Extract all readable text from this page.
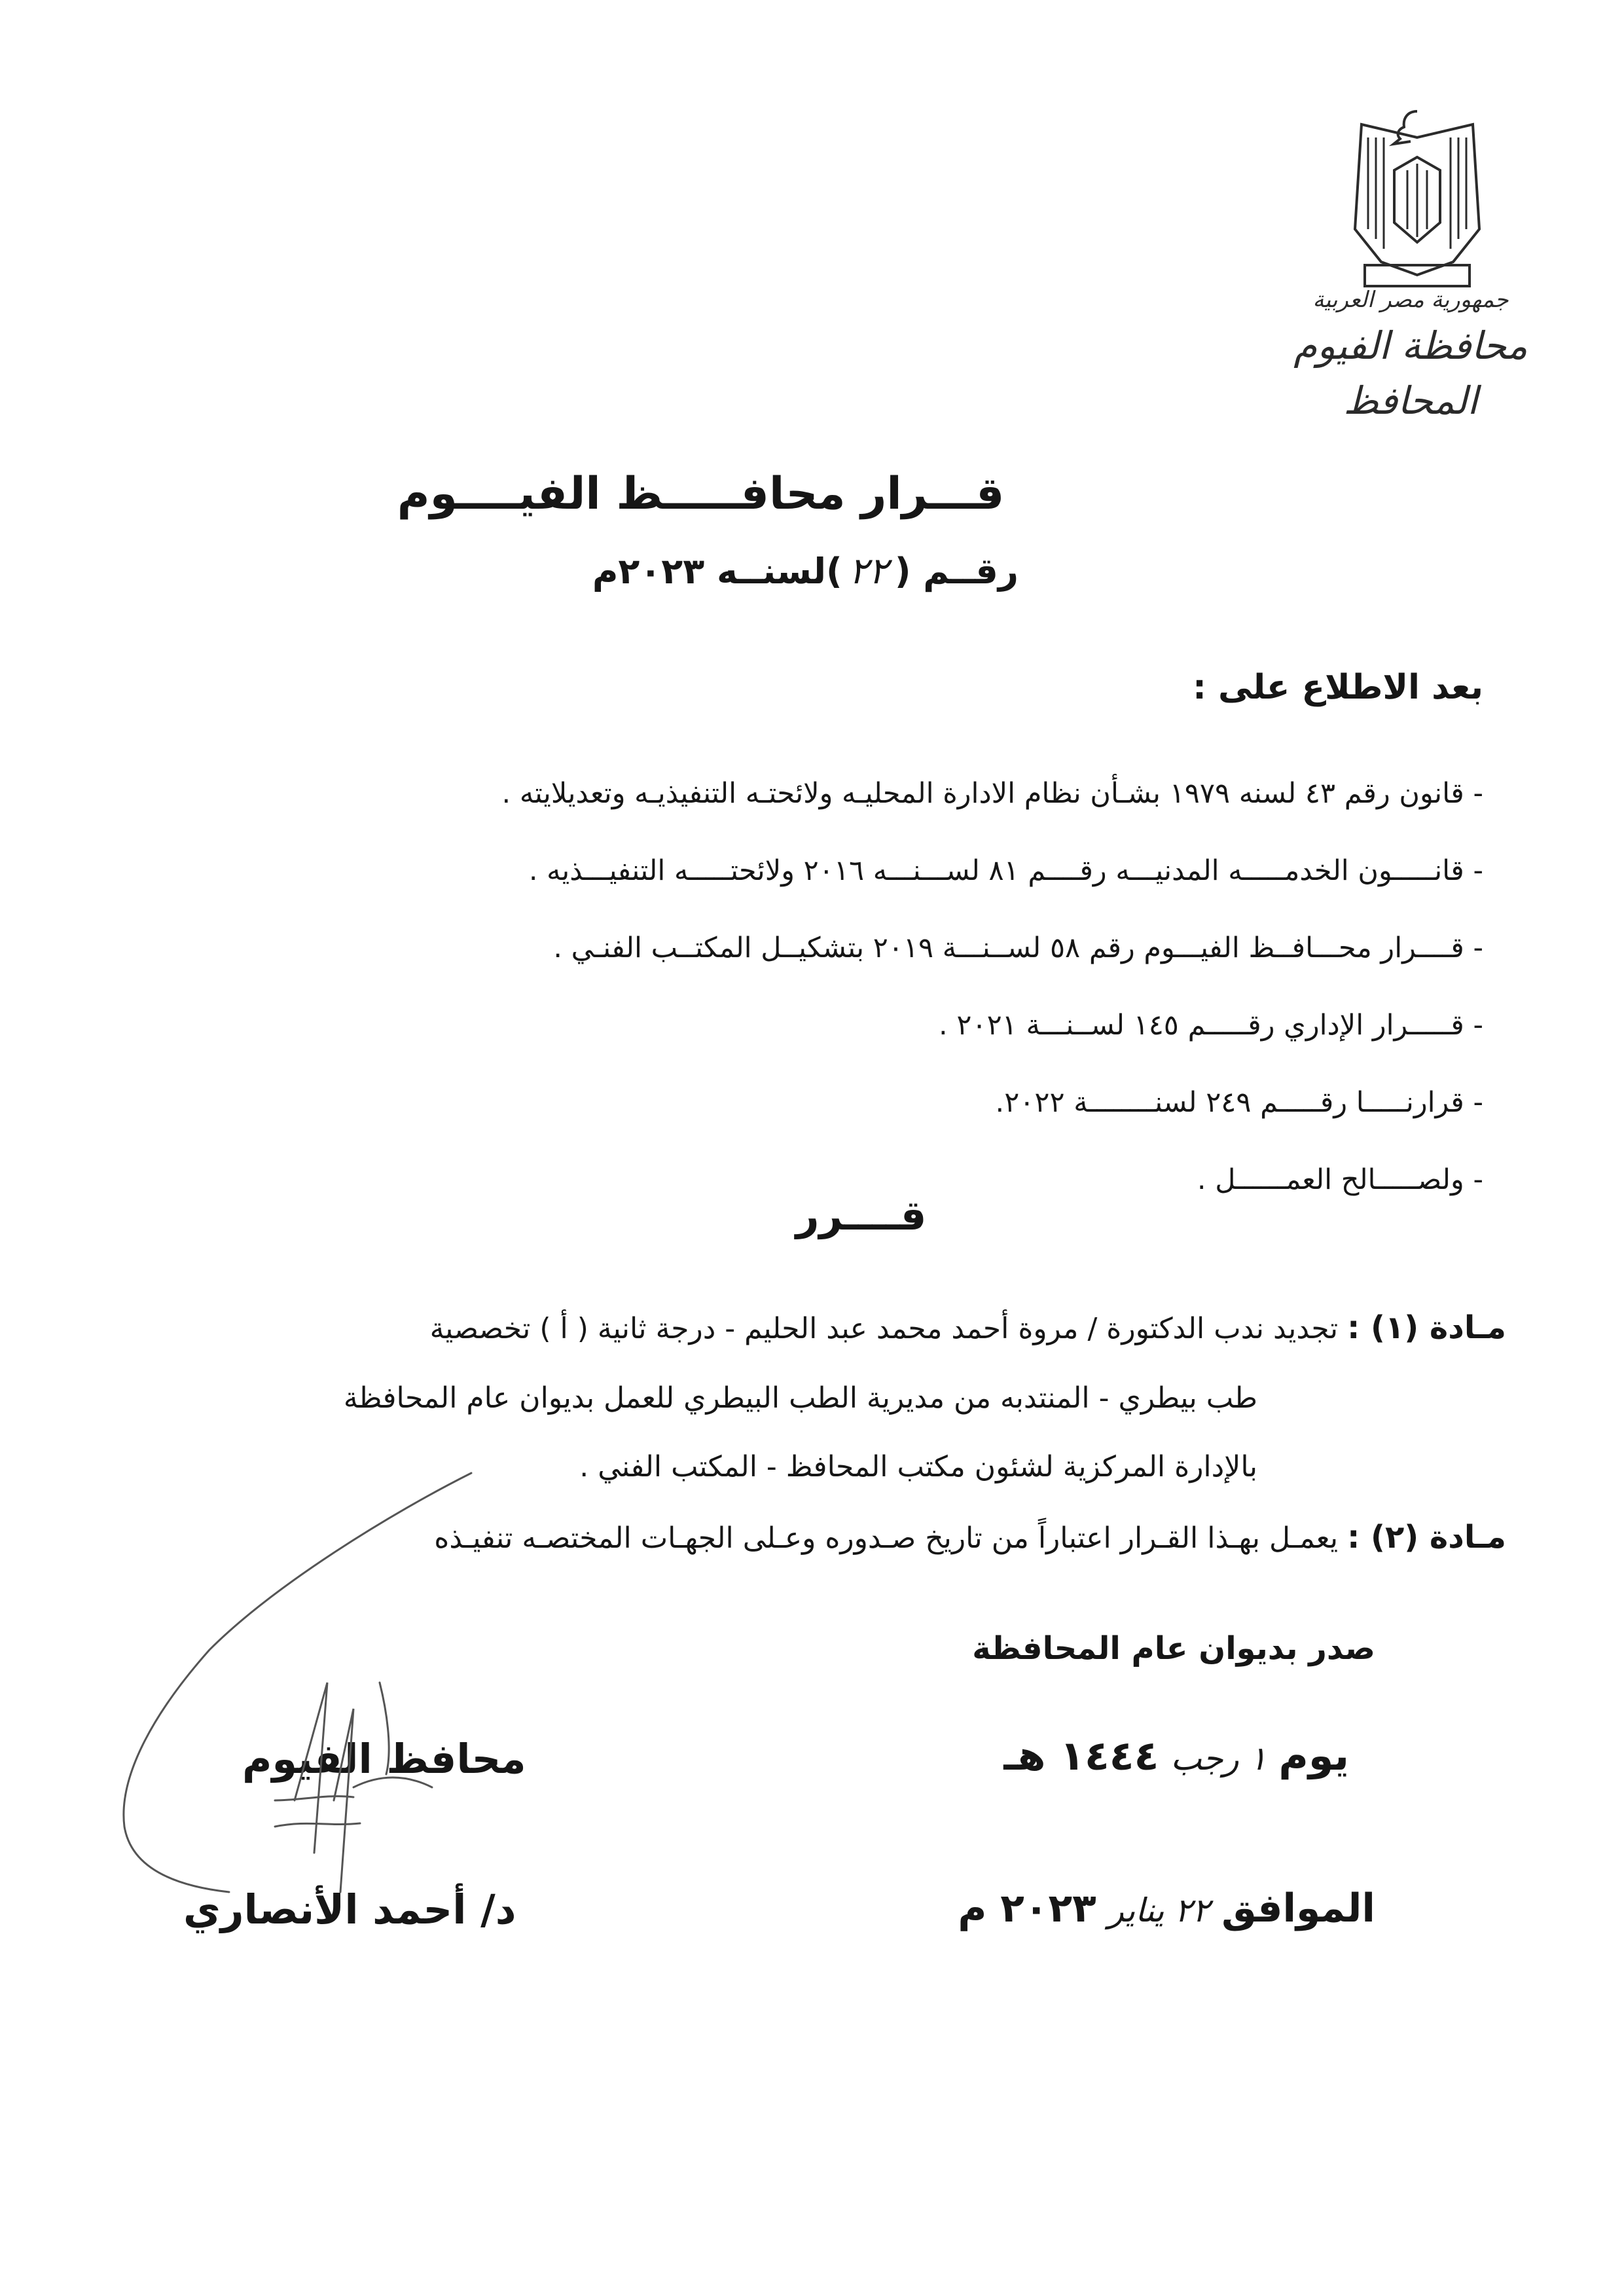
جمهورية مصر العربية
محافظة الفيوم
المحافظ
قـــرار محافـــــظ الفيــــوم
رقــم (٢٢)لسنــه ٢٠٢٣م
بعد الاطلاع على :
- قانون رقم ٤٣ لسنه ١٩٧٩ بشـأن نظام الادارة المحليـه ولائحتـه التنفيذيـه وتعديلايته .
- قانـــــون الخدمـــــه المدنيـــه رقــــم ٨١ لســـنـــه ٢٠١٦ ولائحتـــــه التنفيـــذيه .
- قــــرار محـــافــظ الفيـــوم رقم ٥٨ لســنـــة ٢٠١٩ بتشكيــل المكتــب الفنـي .
- قـــــرار الإداري رقـــــم ١٤٥ لســنـــة ٢٠٢١ .
- قرارنـــــا رقـــــم ٢٤٩ لسنــــــــة ٢٠٢٢.
- ولصـــــالح العمــــــل .
قــــرر
مـادة (١) : تجديد ندب الدكتورة / مروة أحمد محمد عبد الحليم - درجة ثانية ( أ ) تخصصية
طب بيطري - المنتدبه من مديرية الطب البيطري للعمل بديوان عام المحافظة
بالإدارة المركزية لشئون مكتب المحافظ - المكتب الفني .
مـادة (٢) : يعمـل بهـذا القـرار اعتباراً من تاريخ صـدوره وعـلى الجهـات المختصـه تنفيـذه
صدر بديوان عام المحافظة
يوم١ رجب١٤٤٤ هـ
الموافق٢٢ يناير٢٠٢٣ م
محافظ الفيوم
د/ أحمد الأنصاري
